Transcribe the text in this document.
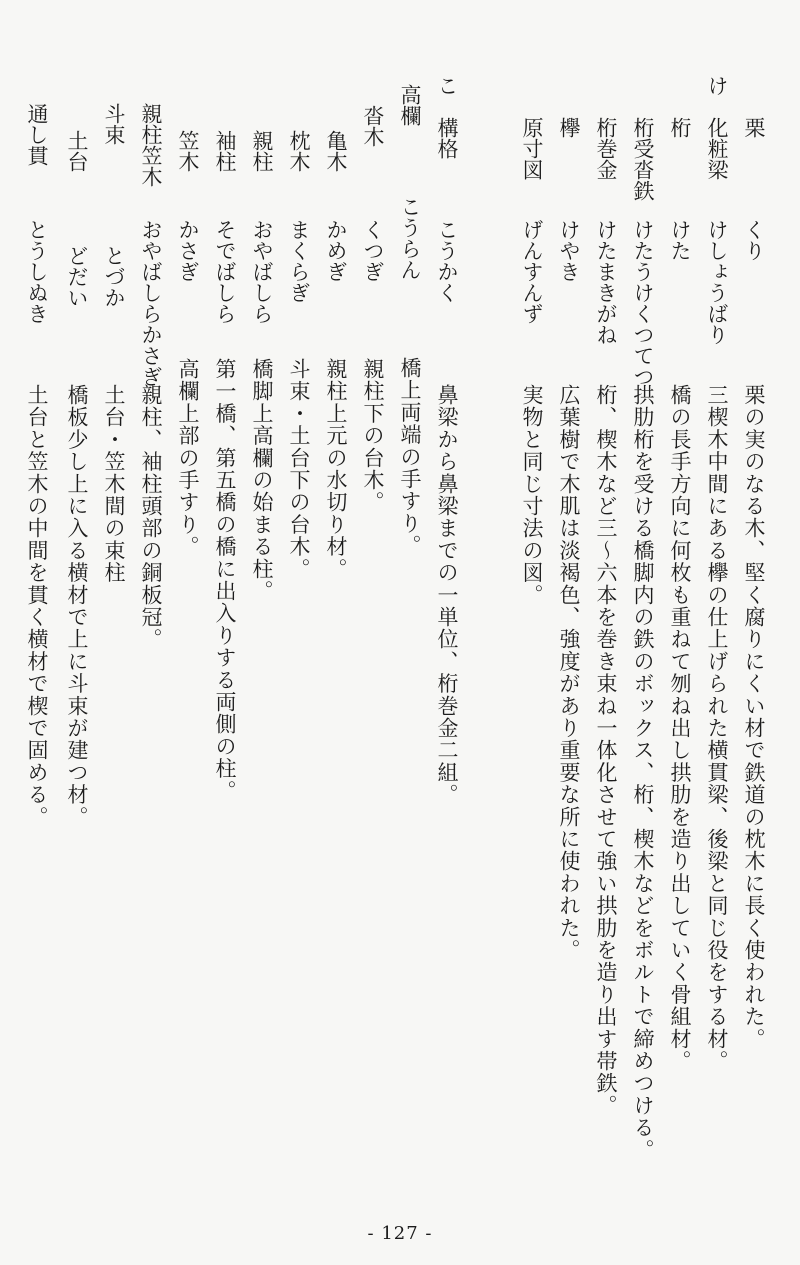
け
こ
栗
くり
栗の実のなる木、堅く腐りにくい材で鉄道の枕木に長く使われた。
化粧梁
けしょうばり
三楔木中間にある欅の仕上げられた横貫梁、後梁と同じ役をする材。
桁
けた
橋の長手方向に何枚も重ねて刎ね出し拱肋を造り出していく骨組材。
桁受沓鉄
けたうけくつてつ
拱肋桁を受ける橋脚内の鉄のボックス、桁、楔木などをボルトで締めつける。
桁巻金
けたまきがね
桁、楔木など三～六本を巻き束ね一体化させて強い拱肋を造り出す帯鉄。
欅
けやき
広葉樹で木肌は淡褐色、強度があり重要な所に使われた。
原寸図
げんすんず
実物と同じ寸法の図。
構格
こうかく
鼻梁から鼻梁までの一単位、桁巻金二組。
高欄
こうらん
橋上両端の手すり。
沓木
くつぎ
親柱下の台木。
亀木
かめぎ
親柱上元の水切り材。
枕木
まくらぎ
斗束・土台下の台木。
親柱
おやばしら
橋脚上高欄の始まる柱。
袖柱
そでばしら
第一橋、第五橋の橋に出入りする両側の柱。
笠木
かさぎ
高欄上部の手すり。
親柱笠木
おやばしらかさぎ
親柱、袖柱頭部の銅板冠。
斗束
とづか
土台・笠木間の束柱
土台
どだい
橋板少し上に入る横材で上に斗束が建つ材。
通し貫
とうしぬき
土台と笠木の中間を貫く横材で楔で固める。
- 127 -
